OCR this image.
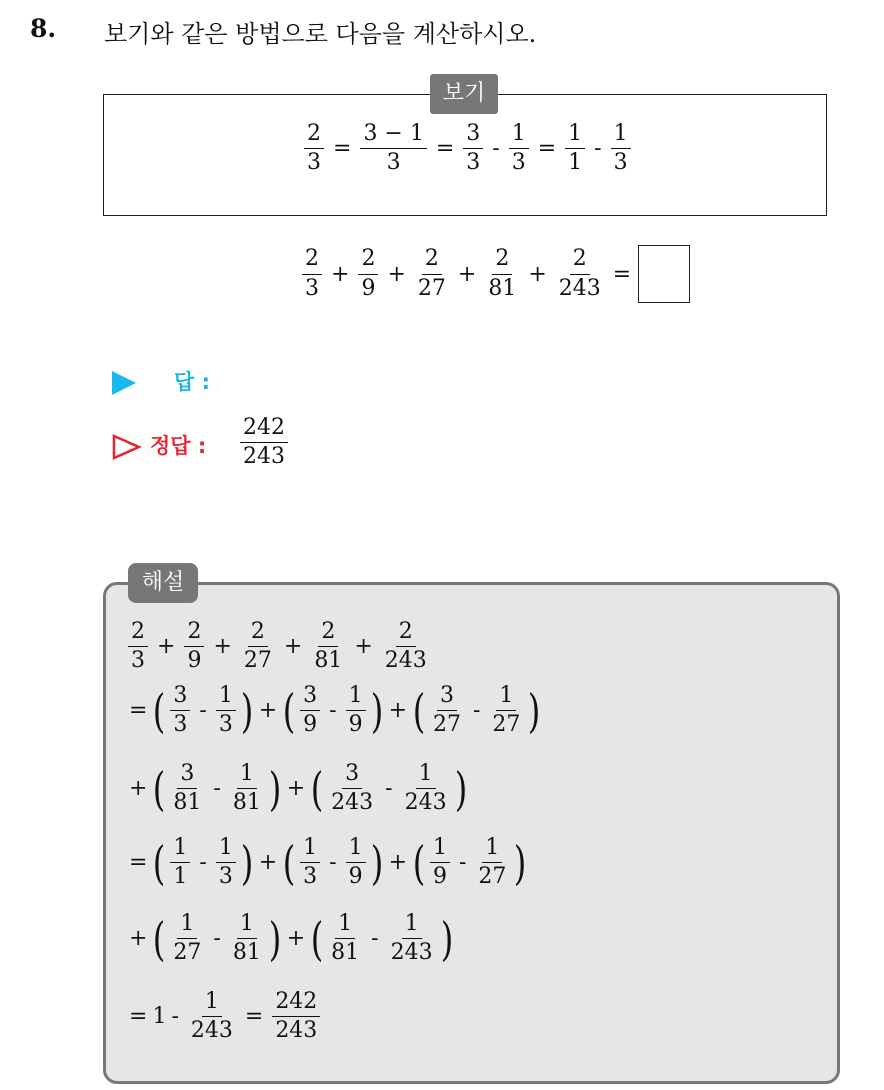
8. 보기와 같은 방법으로 다음을 계산하시오.
보기
$\frac{2}{3} = \frac{3 - 1}{3} = \frac{3}{3} - \frac{1}{3} = \frac{1}{1} - \frac{1}{3}$
$\frac{2}{3} + \frac{2}{9} + \frac{2}{27} + \frac{2}{81} + \frac{2}{243}$ =
답 :
정답 : $\frac{242}{243}$
해설
$\frac{2}{3} + \frac{2}{9} + \frac{2}{27} + \frac{2}{81} + \frac{2}{243}$
= ( $\frac{3}{3} - \frac{1}{3}$ ) + ( $\frac{3}{9} - \frac{1}{9}$ ) + ( $\frac{3}{27} - \frac{1}{27}$ )
+ ( $\frac{3}{81} - \frac{1}{81}$ ) + ( $\frac{3}{243} - \frac{1}{243}$ )
= ( $\frac{1}{1} - \frac{1}{3}$ ) + ( $\frac{1}{3} - \frac{1}{9}$ ) + ( $\frac{1}{9} - \frac{1}{27}$ )
+ ( $\frac{1}{27} - \frac{1}{81}$ ) + ( $\frac{1}{81} - \frac{1}{243}$ )
= $1 - \frac{1}{243} = \frac{242}{243}$
